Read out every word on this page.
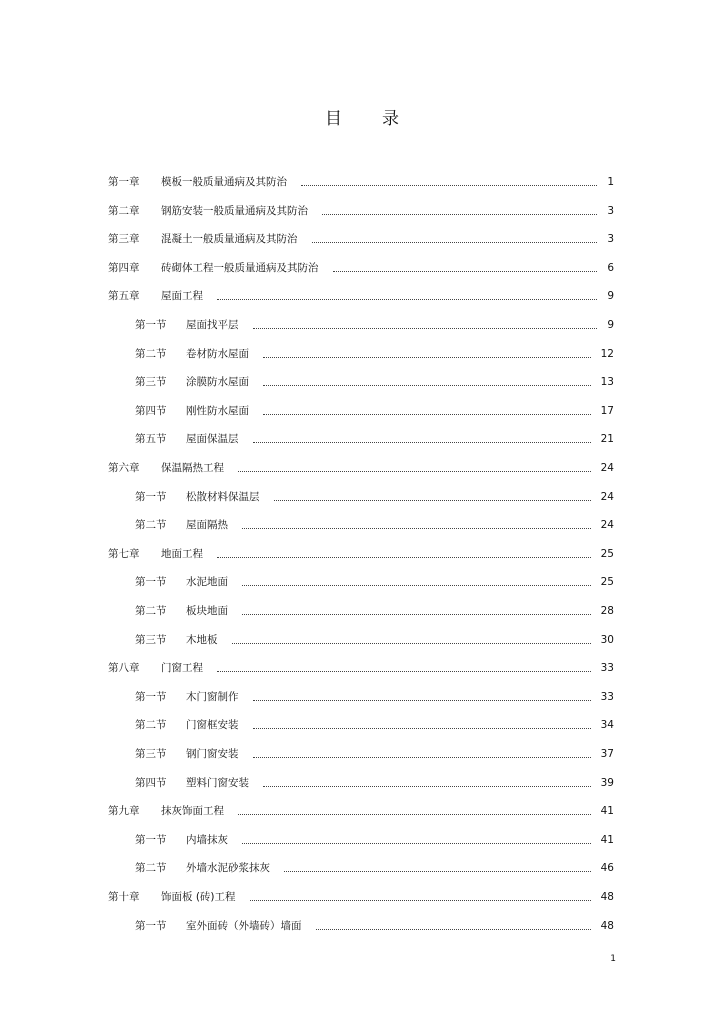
目 录
第一章 模板一般质量通病及其防治	1
第二章 钢筋安装一般质量通病及其防治	3
第三章 混凝土一般质量通病及其防治	3
第四章 砖砌体工程一般质量通病及其防治	6
第五章 屋面工程	9
第一节 屋面找平层	9
第二节 卷材防水屋面	12
第三节 涂膜防水屋面	13
第四节 刚性防水屋面	17
第五节 屋面保温层	21
第六章 保温隔热工程	24
第一节 松散材料保温层	24
第二节 屋面隔热	24
第七章 地面工程	25
第一节 水泥地面	25
第二节 板块地面	28
第三节 木地板	30
第八章 门窗工程	33
第一节 木门窗制作	33
第二节 门窗框安装	34
第三节 钢门窗安装	37
第四节 塑料门窗安装	39
第九章 抹灰饰面工程	41
第一节 内墙抹灰	41
第二节 外墙水泥砂浆抹灰	46
第十章 饰面板 (砖)工程	48
第一节 室外面砖（外墙砖）墙面	48
1
